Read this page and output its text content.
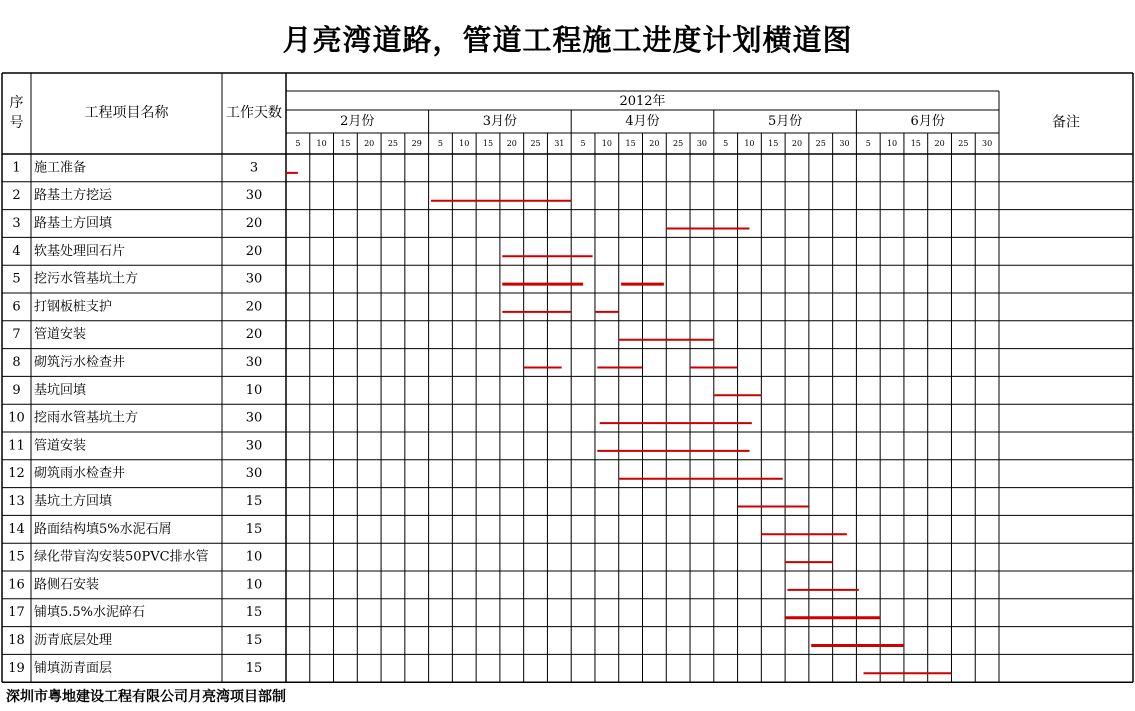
月亮湾道路，管道工程施工进度计划横道图
序
号
工程项目名称	工作天数
2012年
备注
2月份
5 10 15 20 25 29
3月份
5 10 15 20 25 31
4月份
5 10 15 20 25 30
5月份
5 10 15 20 25 30
6月份
5 10 15 20 25 30
1 施工准备	3
2 路基土方挖运	30
3 路基土方回填	20
4 软基处理回石片	20
5 挖污水管基坑土方	30
6 打钢板桩支护	20
7 管道安装	20
8 砌筑污水检查井	30
9 基坑回填	10
10 挖雨水管基坑土方	30
11 管道安装	30
12 砌筑雨水检查井	30
13 基坑土方回填	15
14 路面结构填5%水泥石屑	15
15 绿化带盲沟安装50PVC排水管	10
16 路侧石安装	10
17 铺填5.5%水泥碎石	15
18 沥青底层处理	15
19 铺填沥青面层	15
深圳市粤地建设工程有限公司月亮湾项目部制
